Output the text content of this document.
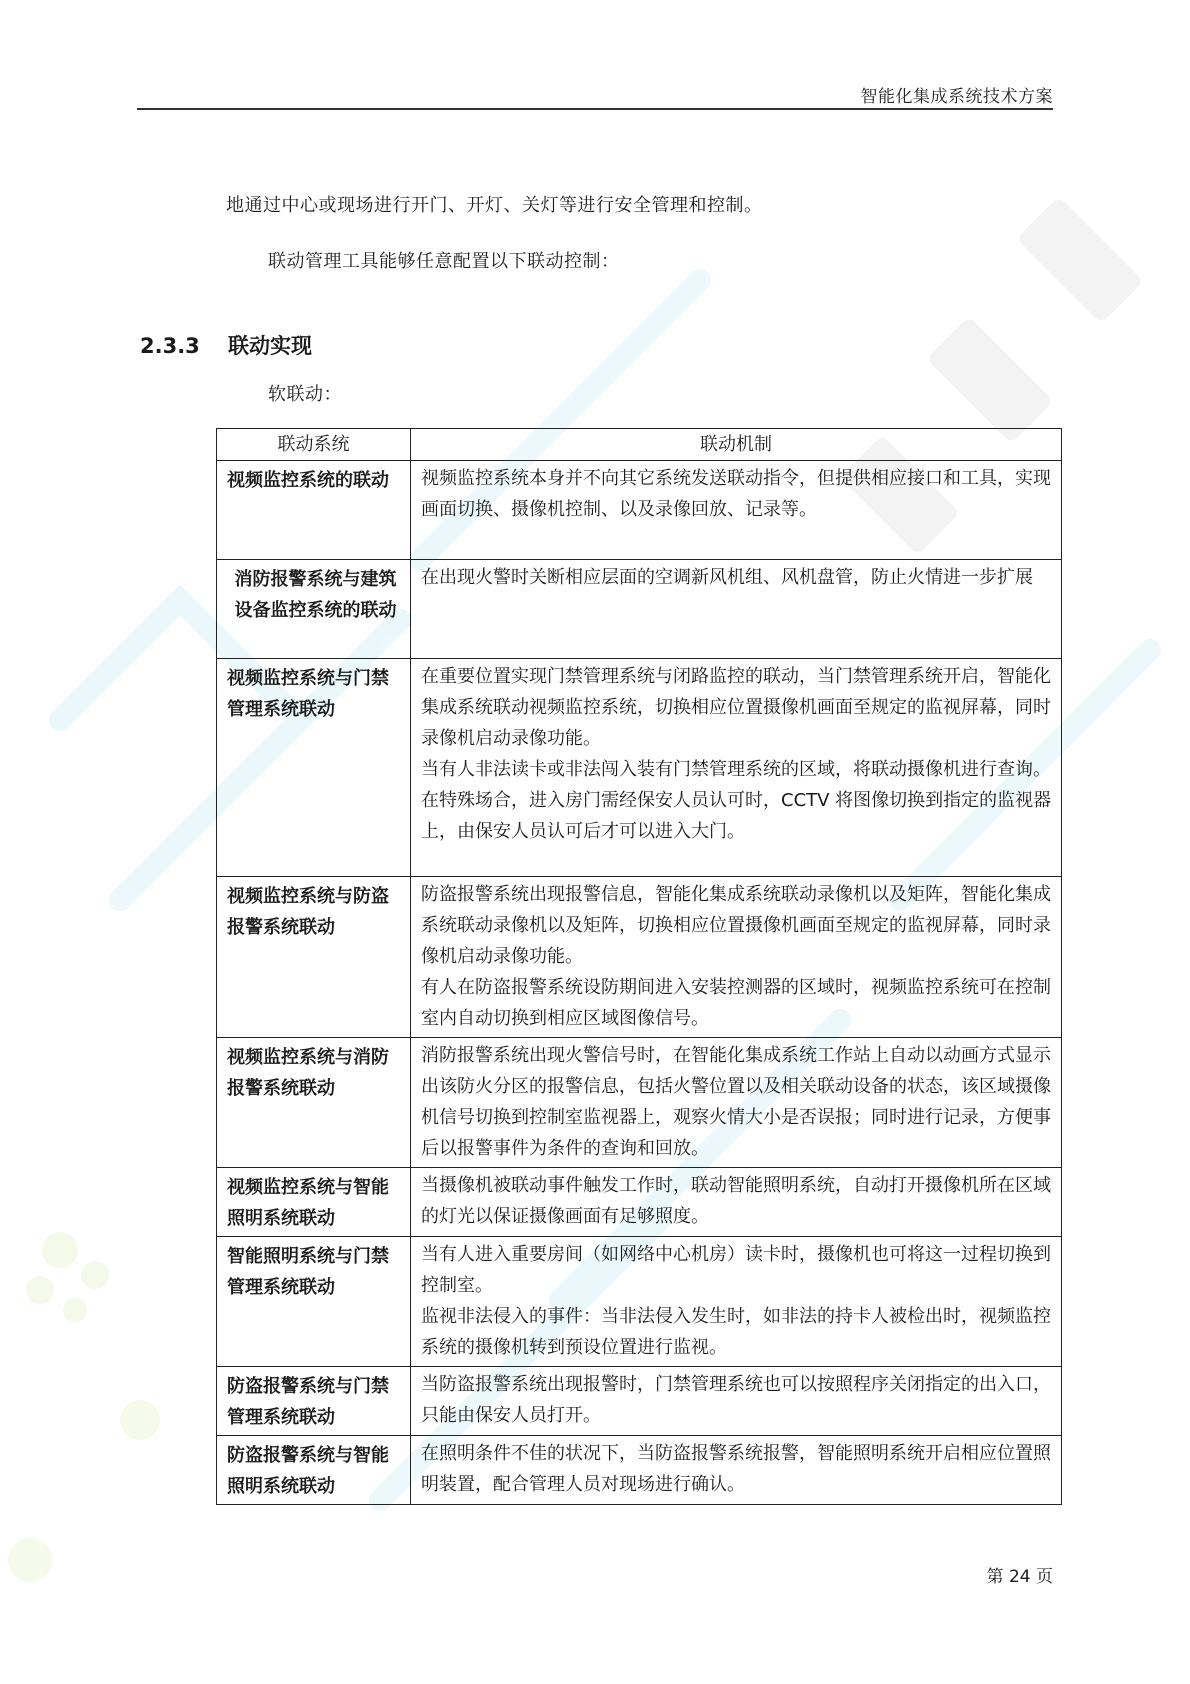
智能化集成系统技术方案
地通过中心或现场进行开门、开灯、关灯等进行安全管理和控制。
联动管理工具能够任意配置以下联动控制：
2.3.3 联动实现
软联动：
联动系统	联动机制
视频监控系统的联动	视频监控系统本身并不向其它系统发送联动指令，但提供相应接口和工具，实现画面切换、摄像机控制、以及录像回放、记录等。

消防报警系统与建筑设备监控系统的联动	在出现火警时关断相应层面的空调新风机组、风机盘管，防止火情进一步扩展

视频监控系统与门禁管理系统联动	在重要位置实现门禁管理系统与闭路监控的联动，当门禁管理系统开启，智能化集成系统联动视频监控系统，切换相应位置摄像机画面至规定的监视屏幕，同时录像机启动录像功能。

当有人非法读卡或非法闯入装有门禁管理系统的区域，将联动摄像机进行查询。

在特殊场合，进入房门需经保安人员认可时，CCTV 将图像切换到指定的监视器上，由保安人员认可后才可以进入大门。

视频监控系统与防盗报警系统联动	防盗报警系统出现报警信息，智能化集成系统联动录像机以及矩阵，智能化集成系统联动录像机以及矩阵，切换相应位置摄像机画面至规定的监视屏幕，同时录像机启动录像功能。

有人在防盗报警系统设防期间进入安装控测器的区域时，视频监控系统可在控制室内自动切换到相应区域图像信号。

视频监控系统与消防报警系统联动	消防报警系统出现火警信号时，在智能化集成系统工作站上自动以动画方式显示出该防火分区的报警信息，包括火警位置以及相关联动设备的状态，该区域摄像机信号切换到控制室监视器上，观察火情大小是否误报；同时进行记录，方便事后以报警事件为条件的查询和回放。

视频监控系统与智能照明系统联动	当摄像机被联动事件触发工作时，联动智能照明系统，自动打开摄像机所在区域的灯光以保证摄像画面有足够照度。

智能照明系统与门禁管理系统联动	当有人进入重要房间（如网络中心机房）读卡时，摄像机也可将这一过程切换到控制室。

监视非法侵入的事件：当非法侵入发生时，如非法的持卡人被检出时，视频监控系统的摄像机转到预设位置进行监视。

防盗报警系统与门禁管理系统联动	当防盗报警系统出现报警时，门禁管理系统也可以按照程序关闭指定的出入口，只能由保安人员打开。

防盗报警系统与智能照明系统联动	在照明条件不佳的状况下，当防盗报警系统报警，智能照明系统开启相应位置照明装置，配合管理人员对现场进行确认。

第 24 页
